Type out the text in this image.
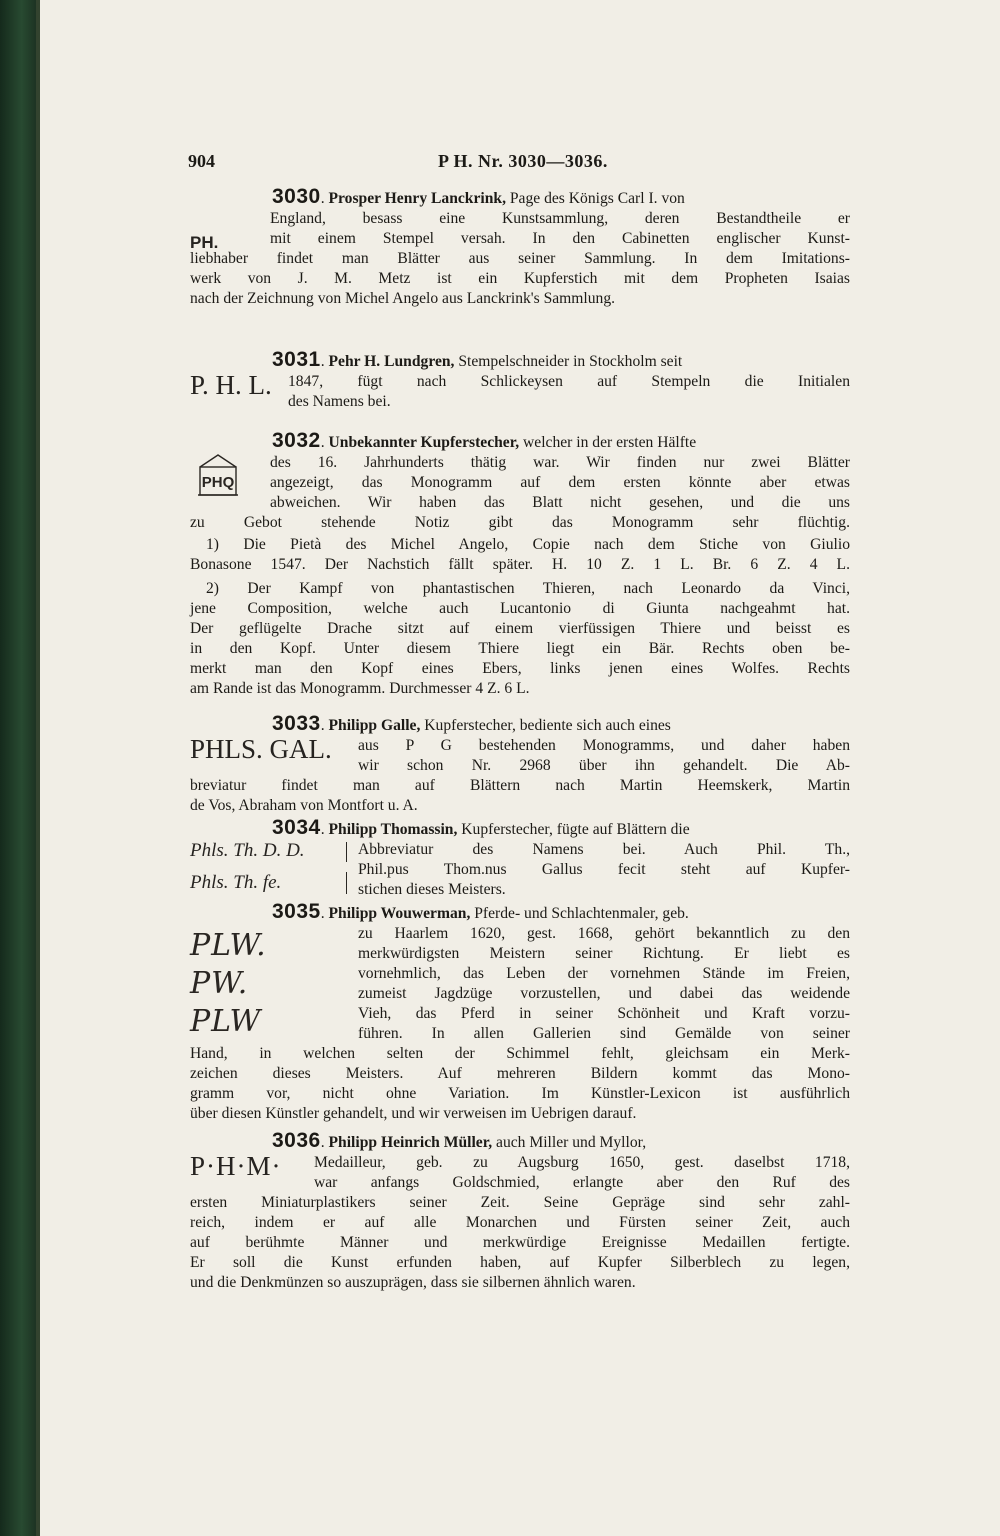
904	P H. Nr. 3030—3036.
3030. Prosper Henry Lanckrink, Page des Königs Carl I. von
PH.
England, besass eine Kunstsammlung, deren Bestandtheile er
mit einem Stempel versah. In den Cabinetten englischer Kunst-
liebhaber findet man Blätter aus seiner Sammlung. In dem Imitations-
werk von J. M. Metz ist ein Kupferstich mit dem Propheten Isaias
nach der Zeichnung von Michel Angelo aus Lanckrink's Sammlung.
3031. Pehr H. Lundgren, Stempelschneider in Stockholm seit
P. H. L. 1847, fügt nach Schlickeysen auf Stempeln die Initialen
des Namens bei.
3032. Unbekannter Kupferstecher, welcher in der ersten Hälfte
PHQ
des 16. Jahrhunderts thätig war. Wir finden nur zwei Blätter
angezeigt, das Monogramm auf dem ersten könnte aber etwas
abweichen. Wir haben das Blatt nicht gesehen, und die uns
zu Gebot stehende Notiz gibt das Monogramm sehr flüchtig.
1) Die Pietà des Michel Angelo, Copie nach dem Stiche von Giulio
Bonasone 1547. Der Nachstich fällt später. H. 10 Z. 1 L. Br. 6 Z. 4 L.
2) Der Kampf von phantastischen Thieren, nach Leonardo da Vinci,
jene Composition, welche auch Lucantonio di Giunta nachgeahmt hat.
Der geflügelte Drache sitzt auf einem vierfüssigen Thiere und beisst es
in den Kopf. Unter diesem Thiere liegt ein Bär. Rechts oben be-
merkt man den Kopf eines Ebers, links jenen eines Wolfes. Rechts
am Rande ist das Monogramm. Durchmesser 4 Z. 6 L.
3033. Philipp Galle, Kupferstecher, bediente sich auch eines
PHLS. GAL. aus P G bestehenden Monogramms, und daher haben
wir schon Nr. 2968 über ihn gehandelt. Die Ab-
breviatur findet man auf Blättern nach Martin Heemskerk, Martin
de Vos, Abraham von Montfort u. A.
3034. Philipp Thomassin, Kupferstecher, fügte auf Blättern die
Phls. Th. D. D.
Phls. Th. fe.
Abbreviatur des Namens bei. Auch Phil. Th.,
Phil.pus Thom.nus Gallus fecit steht auf Kupfer-
stichen dieses Meisters.
3035. Philipp Wouwerman, Pferde- und Schlachtenmaler, geb.
PLW.
PW.
PLW
zu Haarlem 1620, gest. 1668, gehört bekanntlich zu den
merkwürdigsten Meistern seiner Richtung. Er liebt es
vornehmlich, das Leben der vornehmen Stände im Freien,
zumeist Jagdzüge vorzustellen, und dabei das weidende
Vieh, das Pferd in seiner Schönheit und Kraft vorzu-
führen. In allen Gallerien sind Gemälde von seiner
Hand, in welchen selten der Schimmel fehlt, gleichsam ein Merk-
zeichen dieses Meisters. Auf mehreren Bildern kommt das Mono-
gramm vor, nicht ohne Variation. Im Künstler-Lexicon ist ausführlich
über diesen Künstler gehandelt, und wir verweisen im Uebrigen darauf.
3036. Philipp Heinrich Müller, auch Miller und Myllor,
P·H·M· Medailleur, geb. zu Augsburg 1650, gest. daselbst 1718,
war anfangs Goldschmied, erlangte aber den Ruf des
ersten Miniaturplastikers seiner Zeit. Seine Gepräge sind sehr zahl-
reich, indem er auf alle Monarchen und Fürsten seiner Zeit, auch
auf berühmte Männer und merkwürdige Ereignisse Medaillen fertigte.
Er soll die Kunst erfunden haben, auf Kupfer Silberblech zu legen,
und die Denkmünzen so auszuprägen, dass sie silbernen ähnlich waren.
